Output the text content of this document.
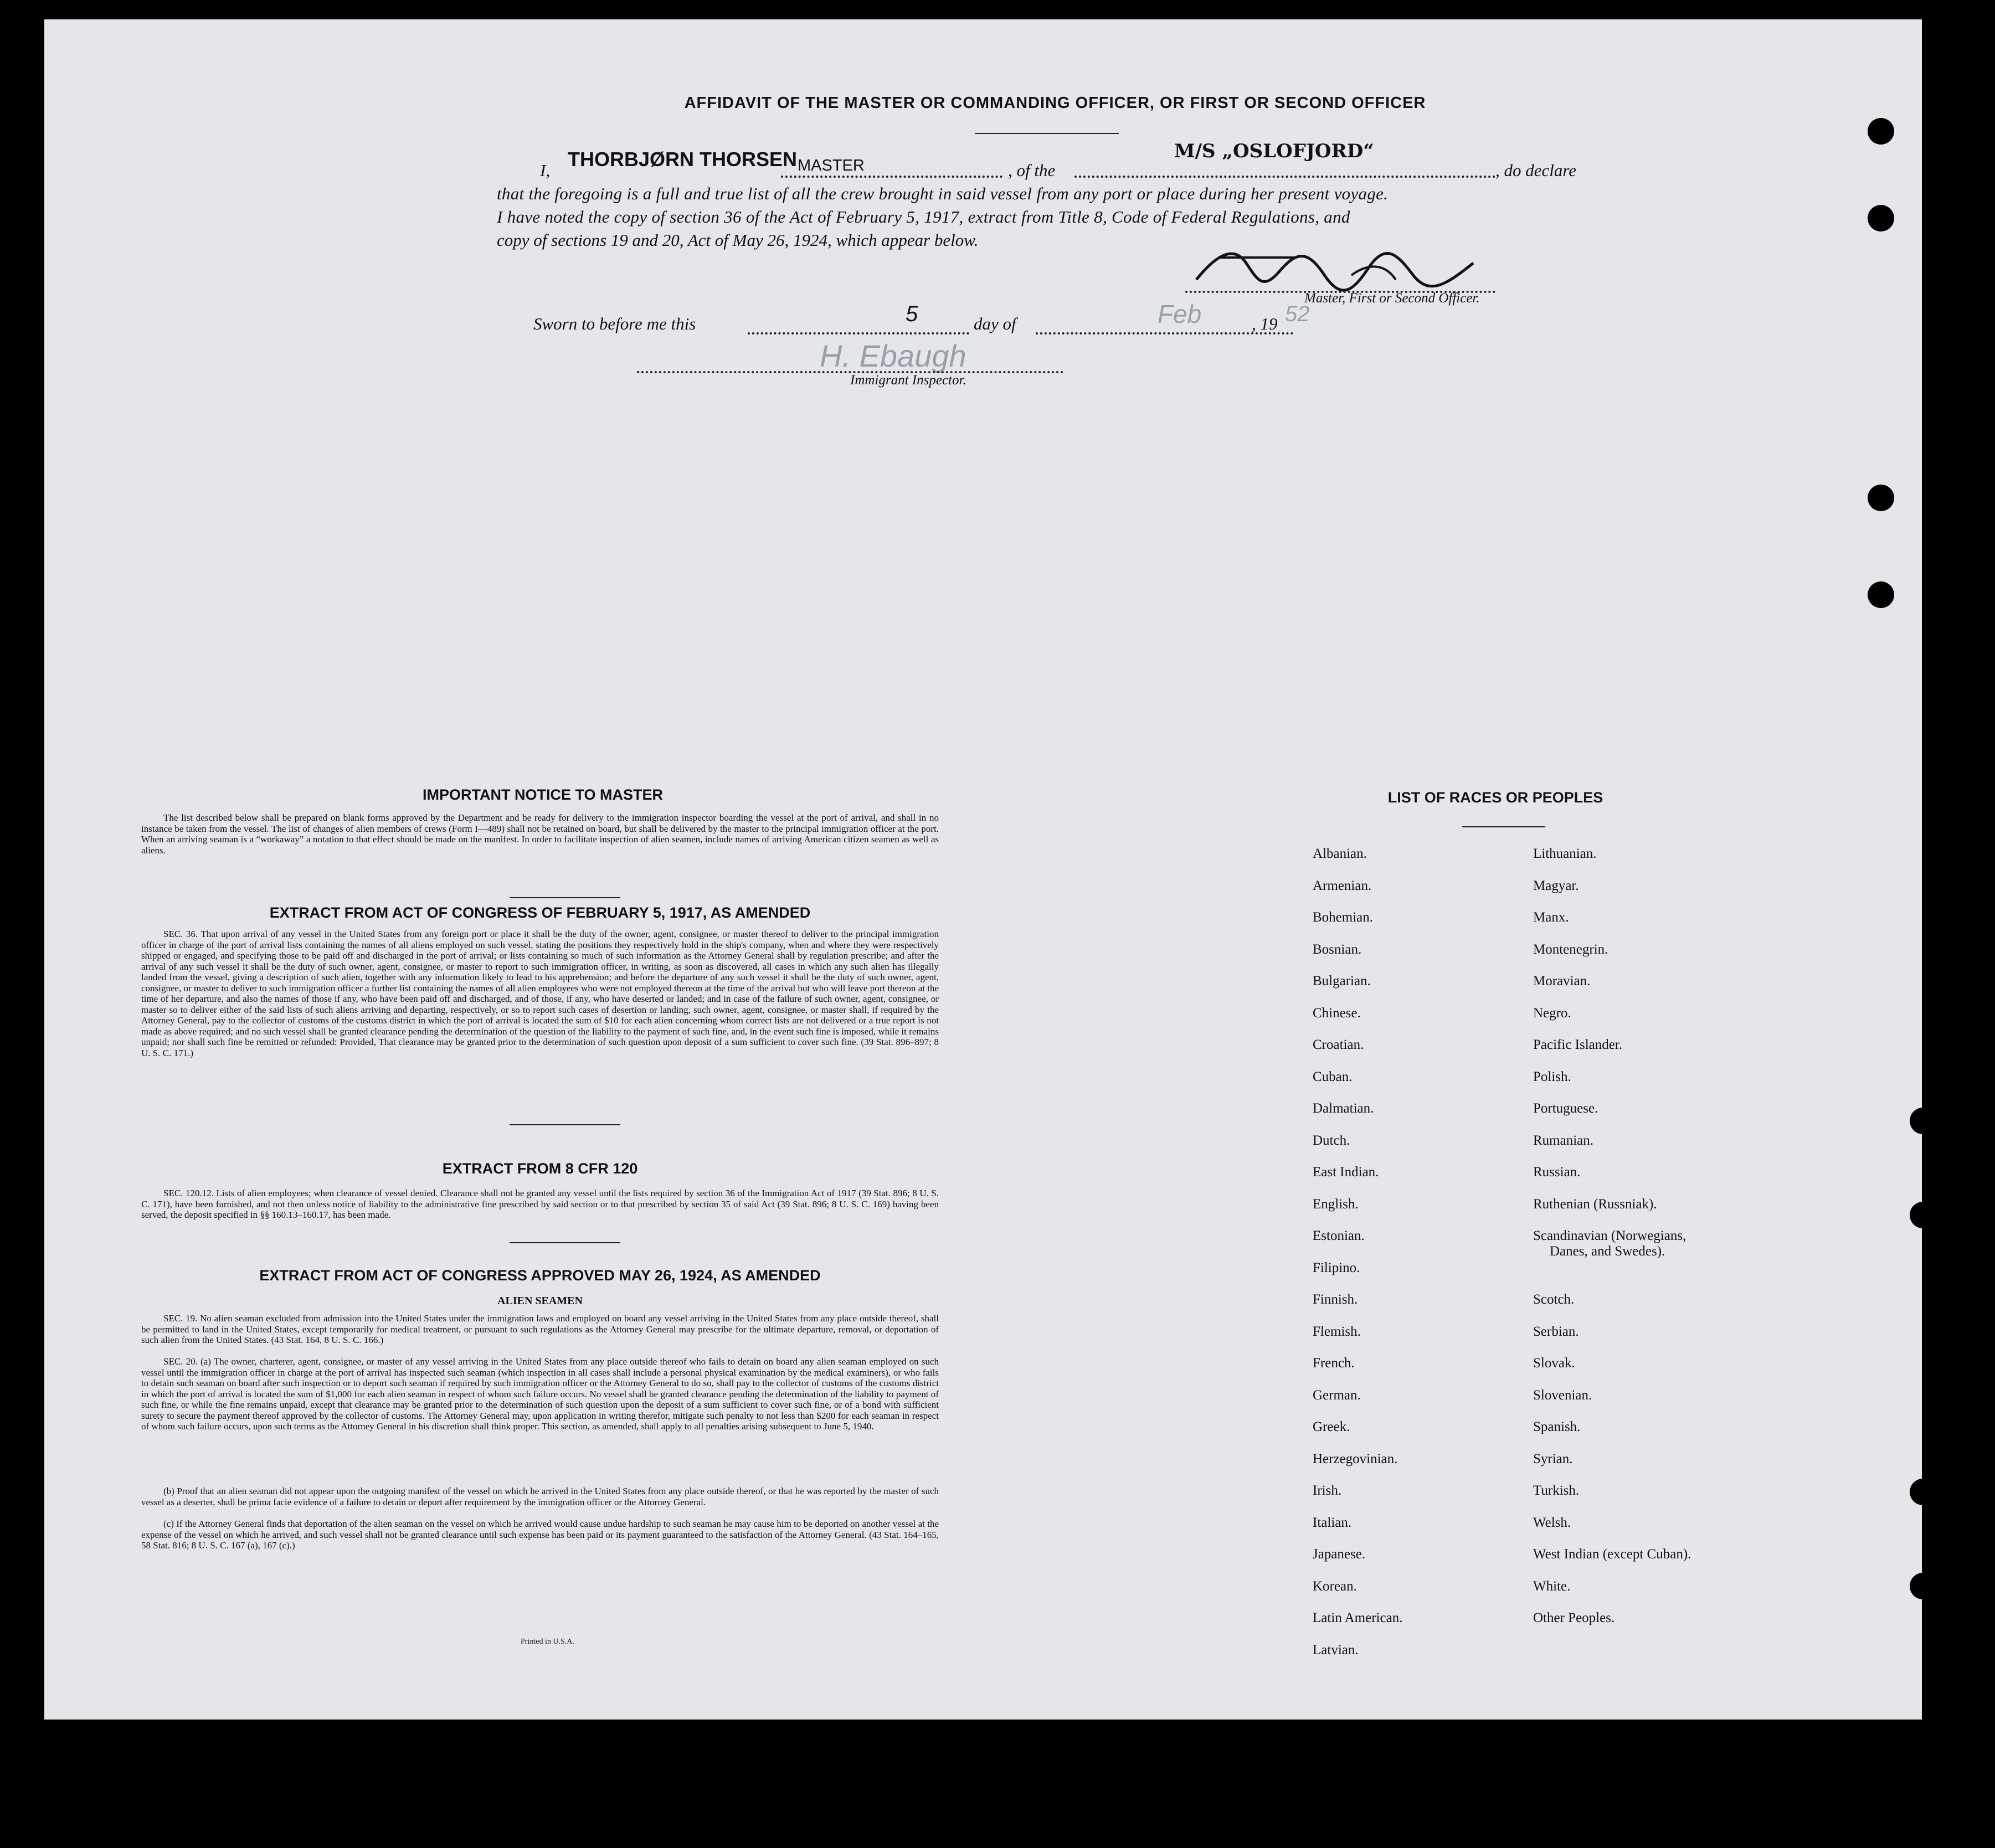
AFFIDAVIT OF THE MASTER OR COMMANDING OFFICER, OR FIRST OR SECOND OFFICER
I, THORBJØRN THORSEN MASTER	, of the
M/S „OSLOFJORD“
, do declare
that the foregoing is a full and true list of all the crew brought in said vessel from any port or place during her present voyage.
I have noted the copy of section 36 of the Act of February 5, 1917, extract from Title 8, Code of Federal Regulations, and
copy of sections 19 and 20, Act of May 26, 1924, which appear below.
Master, First or Second Officer.
Sworn to before me this	5	day of	Feb	, 19 52
H. Ebaugh
Immigrant Inspector.
IMPORTANT NOTICE TO MASTER
The list described below shall be prepared on blank forms approved by the Department and be ready for delivery to the immigration inspector boarding the vessel at the port of arrival, and shall in no instance be taken from the vessel. The list of changes of alien members of crews (Form I—489) shall not be retained on board, but shall be delivered by the master to the principal immigration officer at the port. When an arriving seaman is a “workaway” a notation to that effect should be made on the manifest. In order to facilitate inspection of alien seamen, include names of arriving American citizen seamen as well as aliens.
EXTRACT FROM ACT OF CONGRESS OF FEBRUARY 5, 1917, AS AMENDED
SEC. 36. That upon arrival of any vessel in the United States from any foreign port or place it shall be the duty of the owner, agent, consignee, or master thereof to deliver to the principal immigration officer in charge of the port of arrival lists containing the names of all aliens employed on such vessel, stating the positions they respectively hold in the ship's company, when and where they were respectively shipped or engaged, and specifying those to be paid off and discharged in the port of arrival; or lists containing so much of such information as the Attorney General shall by regulation prescribe; and after the arrival of any such vessel it shall be the duty of such owner, agent, consignee, or master to report to such immigration officer, in writing, as soon as discovered, all cases in which any such alien has illegally landed from the vessel, giving a description of such alien, together with any information likely to lead to his apprehension; and before the departure of any such vessel it shall be the duty of such owner, agent, consignee, or master to deliver to such immigration officer a further list containing the names of all alien employees who were not employed thereon at the time of the arrival but who will leave port thereon at the time of her departure, and also the names of those if any, who have been paid off and discharged, and of those, if any, who have deserted or landed; and in case of the failure of such owner, agent, consignee, or master so to deliver either of the said lists of such aliens arriving and departing, respectively, or so to report such cases of desertion or landing, such owner, agent, consignee, or master shall, if required by the Attorney General, pay to the collector of customs of the customs district in which the port of arrival is located the sum of $10 for each alien concerning whom correct lists are not delivered or a true report is not made as above required; and no such vessel shall be granted clearance pending the determination of the question of the liability to the payment of such fine, and, in the event such fine is imposed, while it remains unpaid; nor shall such fine be remitted or refunded: Provided, That clearance may be granted prior to the determination of such question upon deposit of a sum sufficient to cover such fine. (39 Stat. 896–897; 8 U. S. C. 171.)
EXTRACT FROM 8 CFR 120
SEC. 120.12. Lists of alien employees; when clearance of vessel denied. Clearance shall not be granted any vessel until the lists required by section 36 of the Immigration Act of 1917 (39 Stat. 896; 8 U. S. C. 171), have been furnished, and not then unless notice of liability to the administrative fine prescribed by said section or to that prescribed by section 35 of said Act (39 Stat. 896; 8 U. S. C. 169) having been served, the deposit specified in §§ 160.13–160.17, has been made.
EXTRACT FROM ACT OF CONGRESS APPROVED MAY 26, 1924, AS AMENDED
ALIEN SEAMEN
SEC. 19. No alien seaman excluded from admission into the United States under the immigration laws and employed on board any vessel arriving in the United States from any place outside thereof, shall be permitted to land in the United States, except temporarily for medical treatment, or pursuant to such regulations as the Attorney General may prescribe for the ultimate departure, removal, or deportation of such alien from the United States. (43 Stat. 164, 8 U. S. C. 166.)
SEC. 20. (a) The owner, charterer, agent, consignee, or master of any vessel arriving in the United States from any place outside thereof who fails to detain on board any alien seaman employed on such vessel until the immigration officer in charge at the port of arrival has inspected such seaman (which inspection in all cases shall include a personal physical examination by the medical examiners), or who fails to detain such seaman on board after such inspection or to deport such seaman if required by such immigration officer or the Attorney General to do so, shall pay to the collector of customs of the customs district in which the port of arrival is located the sum of $1,000 for each alien seaman in respect of whom such failure occurs. No vessel shall be granted clearance pending the determination of the liability to payment of such fine, or while the fine remains unpaid, except that clearance may be granted prior to the determination of such question upon the deposit of a sum sufficient to cover such fine, or of a bond with sufficient surety to secure the payment thereof approved by the collector of customs. The Attorney General may, upon application in writing therefor, mitigate such penalty to not less than $200 for each seaman in respect of whom such failure occurs, upon such terms as the Attorney General in his discretion shall think proper. This section, as amended, shall apply to all penalties arising subsequent to June 5, 1940.
(b) Proof that an alien seaman did not appear upon the outgoing manifest of the vessel on which he arrived in the United States from any place outside thereof, or that he was reported by the master of such vessel as a deserter, shall be prima facie evidence of a failure to detain or deport after requirement by the immigration officer or the Attorney General.
(c) If the Attorney General finds that deportation of the alien seaman on the vessel on which he arrived would cause undue hardship to such seaman he may cause him to be deported on another vessel at the expense of the vessel on which he arrived, and such vessel shall not be granted clearance until such expense has been paid or its payment guaranteed to the satisfaction of the Attorney General. (43 Stat. 164–165, 58 Stat. 816; 8 U. S. C. 167 (a), 167 (c).)
Printed in U.S.A.
LIST OF RACES OR PEOPLES
Albanian.
Armenian.
Bohemian.
Bosnian.
Bulgarian.
Chinese.
Croatian.
Cuban.
Dalmatian.
Dutch.
East Indian.
English.
Estonian.
Filipino.
Finnish.
Flemish.
French.
German.
Greek.
Herzegovinian.
Irish.
Italian.
Japanese.
Korean.
Latin American.
Latvian.
Lithuanian.
Magyar.
Manx.
Montenegrin.
Moravian.
Negro.
Pacific Islander.
Polish.
Portuguese.
Rumanian.
Russian.
Ruthenian (Russniak).
Scandinavian (Norwegians,
Danes, and Swedes).
Scotch.
Serbian.
Slovak.
Slovenian.
Spanish.
Syrian.
Turkish.
Welsh.
West Indian (except Cuban).
White.
Other Peoples.
